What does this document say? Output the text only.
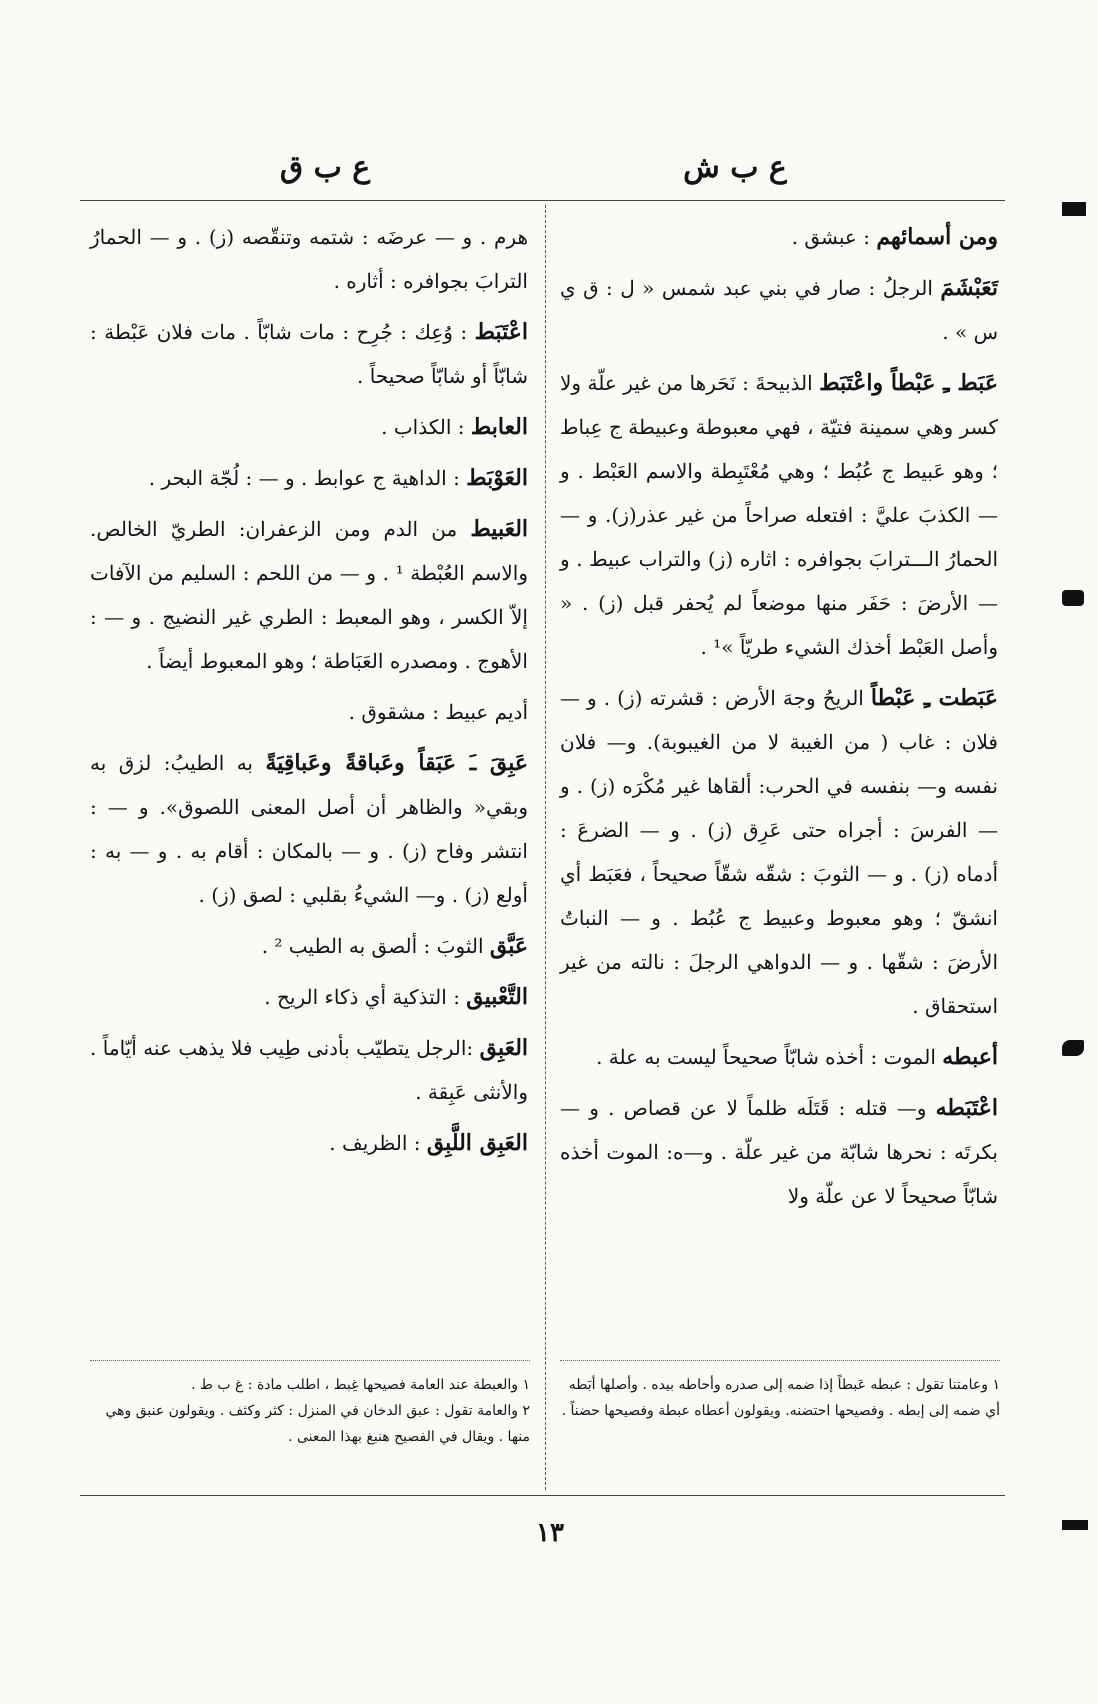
ع ب ش
ع ب ق

ومن أسمائهم : عبشق .

تَعَبْشَمَ الرجلُ : صار في بني عبد شمس « ل : ق ي س » .

عَبَط ـِ عَبْطاً واعْتَبَط الذبيحةَ : نَحَرها من غير علّة ولا كسر وهي سمينة فتيّة ، فهي معبوطة وعبيطة ج عِباط ؛ وهو عَبيط ج عُبُط ؛ وهي مُعْتَبِطة والاسم العَبْط . و— الكذبَ عليَّ : افتعله صراحاً من غير عذر(ز). و — الحمارُ الـــترابَ بجوافره : اثاره (ز) والتراب عبيط . و — الأرضَ : حَفَر منها موضعاً لم يُحفر قبل (ز) . « وأصل العَبْط أخذك الشيء طريّاً »¹ .

عَبَطت ـِ عَبْطاً الريحُ وجهَ الأرض : قشرته (ز) . و — فلان : غاب ( من الغيبة لا من الغيبوبة). و— فلان نفسه و— بنفسه في الحرب: ألقاها غير مُكْرَه (ز) . و — الفرسَ : أجراه حتى عَرِق (ز) . و — الضرعَ : أدماه (ز) . و — الثوبَ : شقّه شقّاً صحيحاً ، فعَبَط أي انشقّ ؛ وهو معبوط وعبيط ج عُبُط . و — النباتُ الأرضَ : شقّها . و — الدواهي الرجلَ : نالته من غير استحقاق .

أعبطه الموت : أخذه شابّاً صحيحاً ليست به علة .

اعْتَبَطه و— قتله : قَتَلَه ظلماً لا عن قصاص . و — بكرتَه : نحرها شابّة من غير علّة . و—ه: الموت أخذه شابّاً صحيحاً لا عن علّة ولا

هرم . و — عرضَه : شتمه وتنقّصه (ز) . و — الحمارُ الترابَ بجوافره : أثاره .

اعْتَبَط : وُعِك : جُرِح : مات شابّاً . مات فلان عَبْطة : شابّاً أو شابّاً صحيحاً .

العابط : الكذاب .

العَوْبَط : الداهية ج عوابط . و — : لُجّة البحر .

العَبيط من الدم ومن الزعفران: الطريّ الخالص. والاسم العُبْطة ¹ . و — من اللحم : السليم من الآفات إلاّ الكسر ، وهو المعبط : الطري غير النضيج . و — : الأهوج . ومصدره العَبَاطة ؛ وهو المعبوط أيضاً .

أديم عبيط : مشقوق .

عَبِقَ ـَ عَبَقاً وعَباقةً وعَباقِيَةً به الطيبُ: لزق به وبقي« والظاهر أن أصل المعنى اللصوق». و — : انتشر وفاح (ز) . و — بالمكان : أقام به . و — به : أولع (ز) . و— الشيءُ بقلبي : لصق (ز) .

عَبَّق الثوبَ : ألصق به الطيب ² .

التَّعْبيق : التذكية أي ذكاء الريح .

العَبِق :الرجل يتطيّب بأدنى طِيب فلا يذهب عنه أيّاماً . والأنثى عَبِقة .

العَبِق اللَّبِق : الظريف .

١ وعامتنا تقول : عبطه عَبطاً إذا ضمه إلى صدره وأحاطه بيده . وأصلها أبَطه أي ضمه إلى إبطه . وفصيحها احتضنه. ويقولون أعطاه عبطة وفصيحها حضناً .

١ والعبطة عند العامة فصيحها غِبط ، اطلب مادة : غ ب ط .

٢ والعامة تقول : عبق الدخان في المنزل : كثر وكثف . ويقولون عنبق وهي منها . ويقال في الفصيح هنبغ بهذا المعنى .

١٣
